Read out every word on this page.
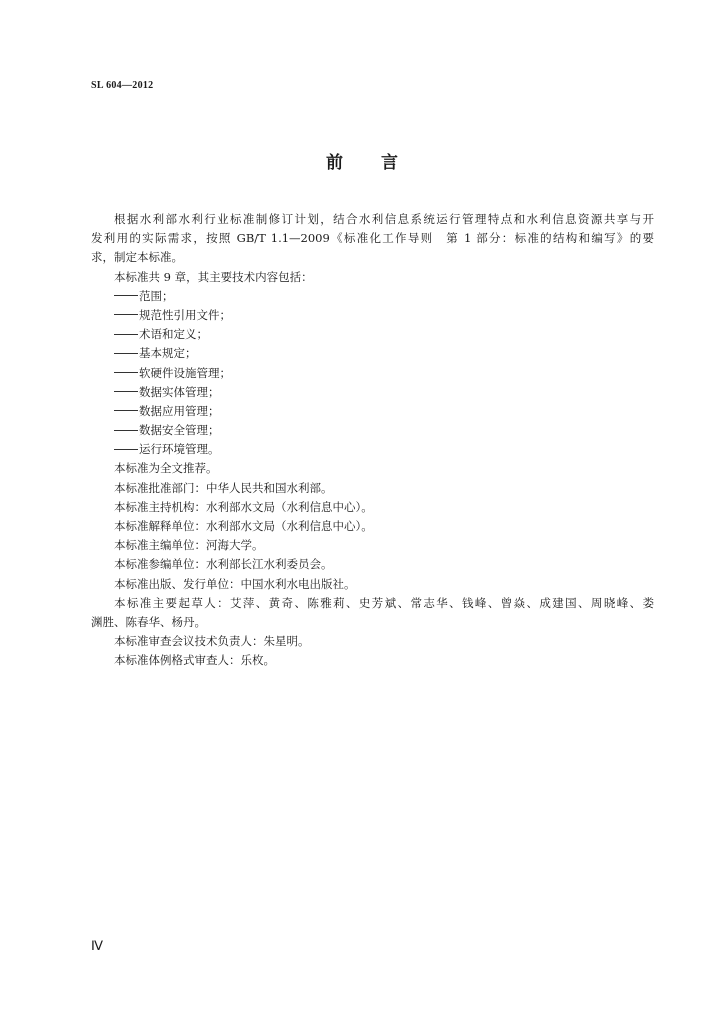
SL 604—2012
前言
根据水利部水利行业标准制修订计划，结合水利信息系统运行管理特点和水利信息资源共享与开
发利用的实际需求，按照 GB/T 1.1—2009《标准化工作导则　第 1 部分：标准的结构和编写》的要
求，制定本标准。
本标准共 9 章，其主要技术内容包括：
范围；
规范性引用文件；
术语和定义；
基本规定；
软硬件设施管理；
数据实体管理；
数据应用管理；
数据安全管理；
运行环境管理。
本标准为全文推荐。
本标准批准部门：中华人民共和国水利部。
本标准主持机构：水利部水文局（水利信息中心）。
本标准解释单位：水利部水文局（水利信息中心）。
本标准主编单位：河海大学。
本标准参编单位：水利部长江水利委员会。
本标准出版、发行单位：中国水利水电出版社。
本标准主要起草人：艾萍、黄奇、陈雅莉、史芳斌、常志华、钱峰、曾焱、成建国、周晓峰、娄
渊胜、陈春华、杨丹。
本标准审查会议技术负责人：朱星明。
本标准体例格式审查人：乐枚。
Ⅳ
